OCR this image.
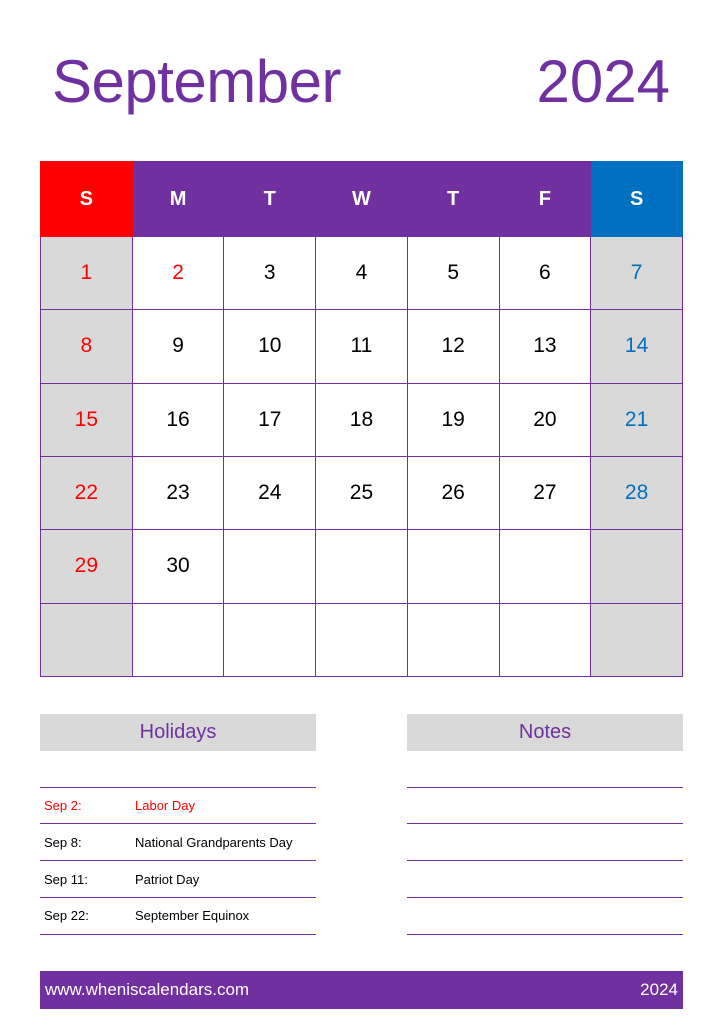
September	2024
S	M	T	W	T	F	S
1	2	3	4	5	6	7
8	9	10	11	12	13	14
15	16	17	18	19	20	21
22	23	24	25	26	27	28
29	30					

Holidays	Notes
Sep 2:	Labor Day
Sep 8:	National Grandparents Day
Sep 11:	Patriot Day
Sep 22:	September Equinox
www.wheniscalendars.com	2024
